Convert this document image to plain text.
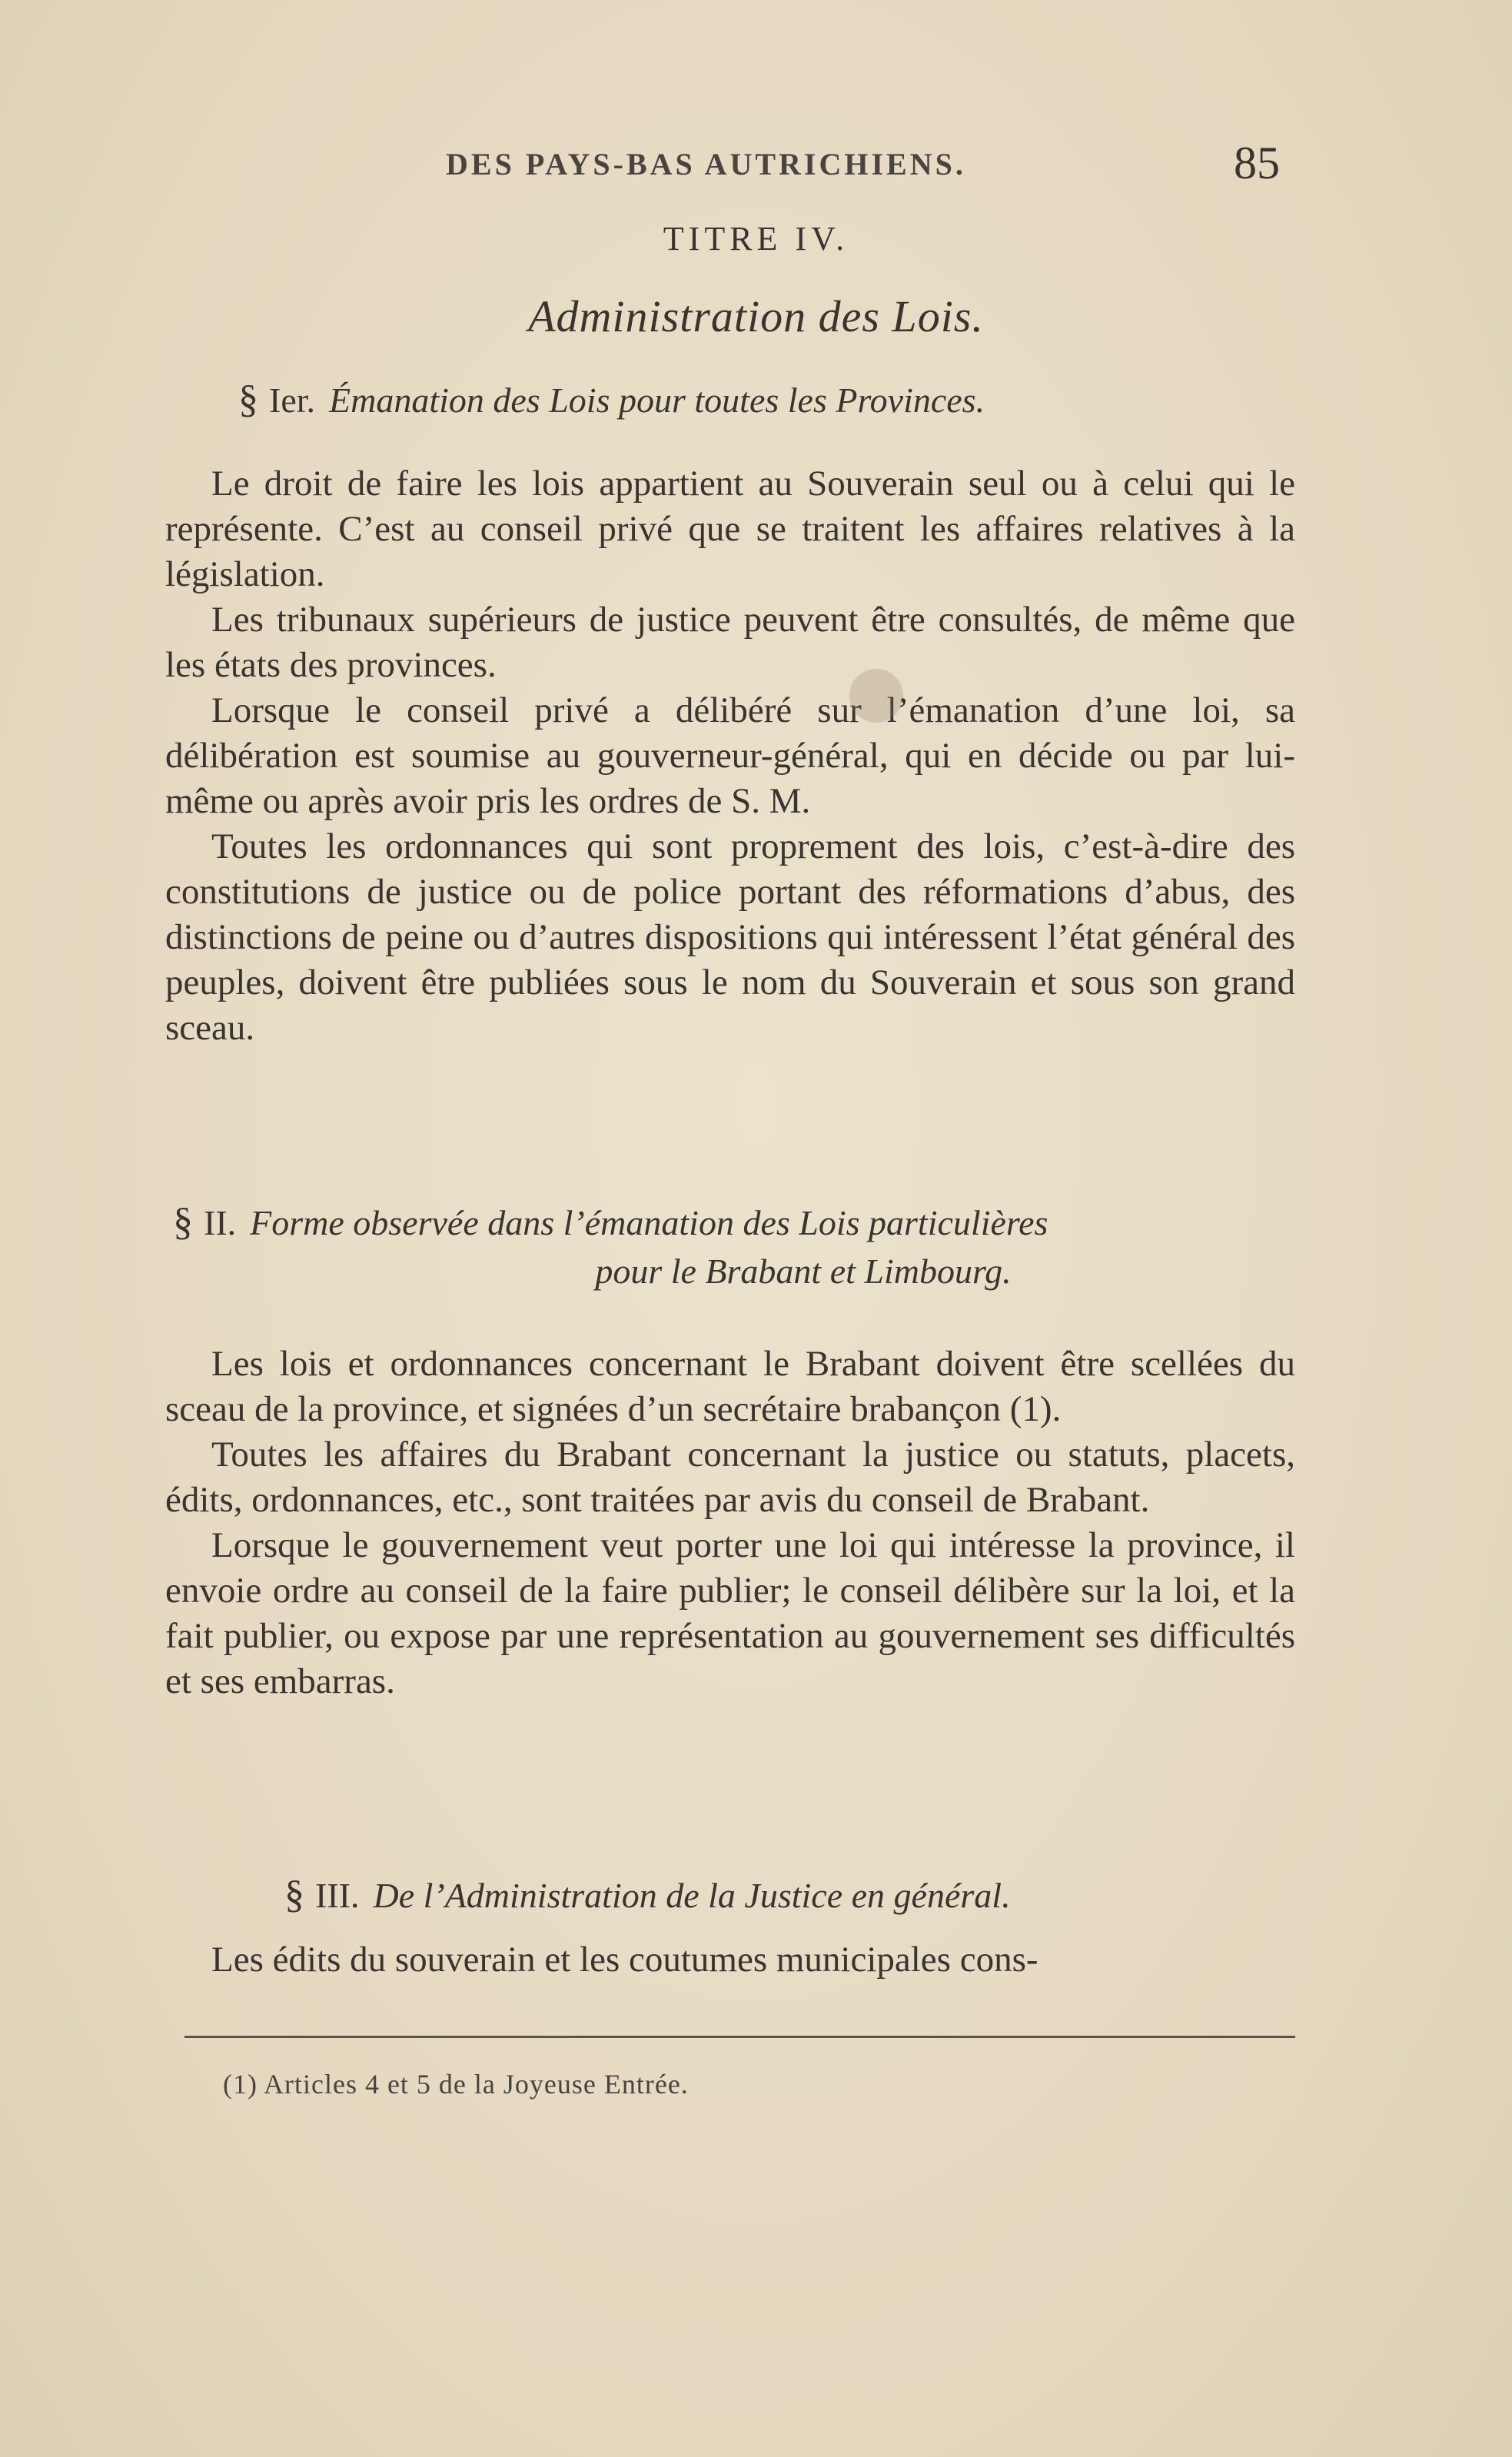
DES PAYS-BAS AUTRICHIENS.	85
TITRE IV.
Administration des Lois.
§ Ier. Émanation des Lois pour toutes les Provinces.

Le droit de faire les lois appartient au Souverain seul ou à celui qui le représente. C’est au conseil privé que se traitent les affaires relatives à la législation.

Les tribunaux supérieurs de justice peuvent être consultés, de même que les états des provinces.

Lorsque le conseil privé a délibéré sur l’émanation d’une loi, sa délibération est soumise au gouverneur-général, qui en décide ou par lui-même ou après avoir pris les ordres de S. M.

Toutes les ordonnances qui sont proprement des lois, c’est-à-dire des constitutions de justice ou de police portant des réformations d’abus, des distinctions de peine ou d’autres dispositions qui intéressent l’état général des peuples, doivent être publiées sous le nom du Souverain et sous son grand sceau.

§ II. Forme observée dans l’émanation des Lois particulières
pour le Brabant et Limbourg.

Les lois et ordonnances concernant le Brabant doivent être scellées du sceau de la province, et signées d’un secrétaire brabançon (1).

Toutes les affaires du Brabant concernant la justice ou statuts, placets, édits, ordonnances, etc., sont traitées par avis du conseil de Brabant.

Lorsque le gouvernement veut porter une loi qui intéresse la province, il envoie ordre au conseil de la faire publier; le conseil délibère sur la loi, et la fait publier, ou expose par une représentation au gouvernement ses difficultés et ses embarras.

§ III. De l’Administration de la Justice en général.

Les édits du souverain et les coutumes municipales cons-

(1) Articles 4 et 5 de la Joyeuse Entrée.
